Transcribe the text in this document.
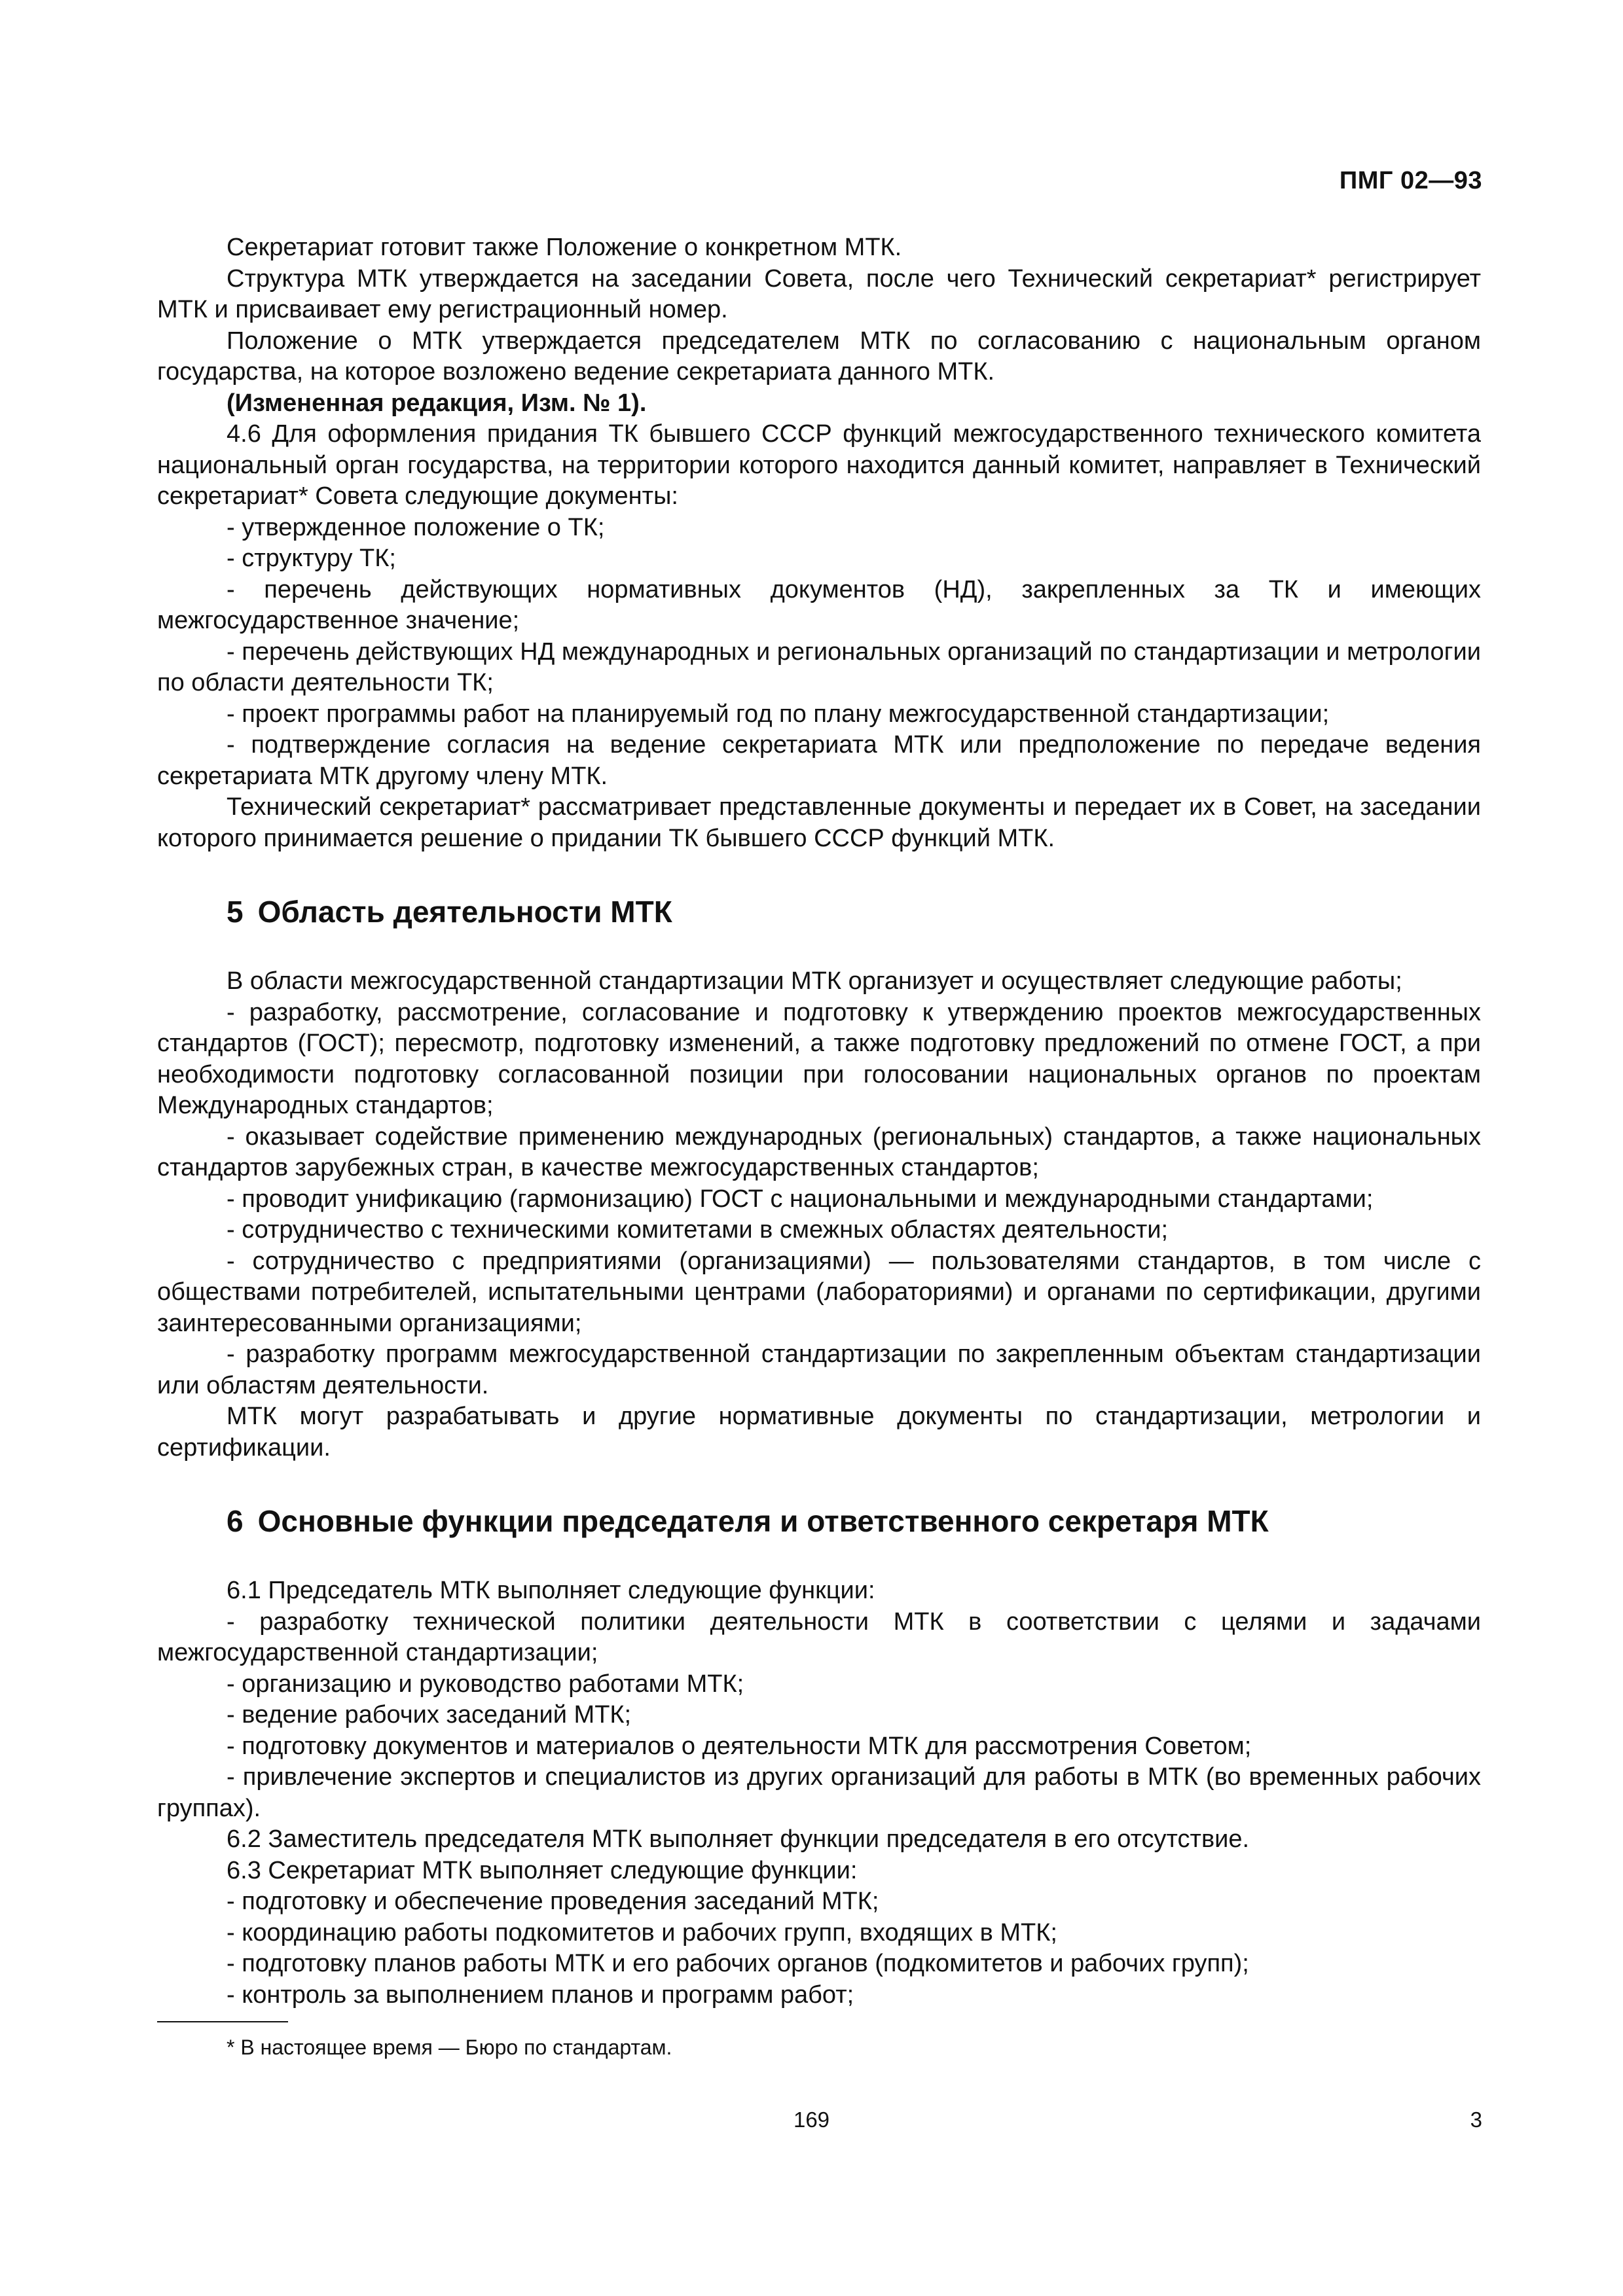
ПМГ 02—93

Секретариат готовит также Положение о конкретном МТК.

Структура МТК утверждается на заседании Совета, после чего Технический секретариат* регистрирует МТК и присваивает ему регистрационный номер.

Положение о МТК утверждается председателем МТК по согласованию с национальным органом государства, на которое возложено ведение секретариата данного МТК.

(Измененная редакция, Изм. № 1).

4.6 Для оформления придания ТК бывшего СССР функций межгосударственного технического комитета национальный орган государства, на территории которого находится данный комитет, направляет в Технический секретариат* Совета следующие документы:

- утвержденное положение о ТК;

- структуру ТК;

- перечень действующих нормативных документов (НД), закрепленных за ТК и имеющих межгосударственное значение;

- перечень действующих НД международных и региональных организаций по стандартизации и метрологии по области деятельности ТК;

- проект программы работ на планируемый год по плану межгосударственной стандартизации;

- подтверждение согласия на ведение секретариата МТК или предположение по передаче ведения секретариата МТК другому члену МТК.

Технический секретариат* рассматривает представленные документы и передает их в Совет, на заседании которого принимается решение о придании ТК бывшего СССР функций МТК.

5 Область деятельности МТК

В области межгосударственной стандартизации МТК организует и осуществляет следующие работы;

- разработку, рассмотрение, согласование и подготовку к утверждению проектов межгосударственных стандартов (ГОСТ); пересмотр, подготовку изменений, а также подготовку предложений по отмене ГОСТ, а при необходимости подготовку согласованной позиции при голосовании национальных органов по проектам Международных стандартов;

- оказывает содействие применению международных (региональных) стандартов, а также национальных стандартов зарубежных стран, в качестве межгосударственных стандартов;

- проводит унификацию (гармонизацию) ГОСТ с национальными и международными стандартами;

- сотрудничество с техническими комитетами в смежных областях деятельности;

- сотрудничество с предприятиями (организациями) — пользователями стандартов, в том числе с обществами потребителей, испытательными центрами (лабораториями) и органами по сертификации, другими заинтересованными организациями;

- разработку программ межгосударственной стандартизации по закрепленным объектам стандартизации или областям деятельности.

МТК могут разрабатывать и другие нормативные документы по стандартизации, метрологии и сертификации.

6 Основные функции председателя и ответственного секретаря МТК

6.1 Председатель МТК выполняет следующие функции:

- разработку технической политики деятельности МТК в соответствии с целями и задачами межгосударственной стандартизации;

- организацию и руководство работами МТК;

- ведение рабочих заседаний МТК;

- подготовку документов и материалов о деятельности МТК для рассмотрения Советом;

- привлечение экспертов и специалистов из других организаций для работы в МТК (во временных рабочих группах).

6.2 Заместитель председателя МТК выполняет функции председателя в его отсутствие.

6.3 Секретариат МТК выполняет следующие функции:

- подготовку и обеспечение проведения заседаний МТК;

- координацию работы подкомитетов и рабочих групп, входящих в МТК;

- подготовку планов работы МТК и его рабочих органов (подкомитетов и рабочих групп);

- контроль за выполнением планов и программ работ;

* В настоящее время — Бюро по стандартам.
169	3
